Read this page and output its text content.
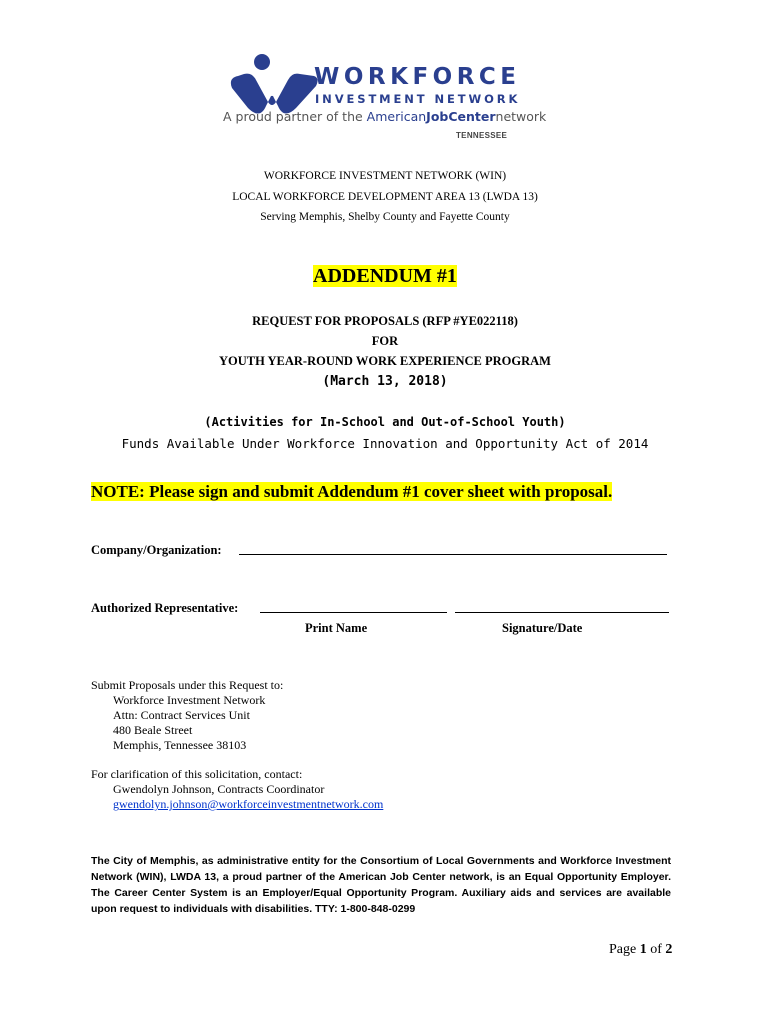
WORKFORCE
INVESTMENT NETWORK
A proud partner of the AmericanJobCenternetwork
TENNESSEE
WORKFORCE INVESTMENT NETWORK (WIN)
LOCAL WORKFORCE DEVELOPMENT AREA 13 (LWDA 13)
Serving Memphis, Shelby County and Fayette County
ADDENDUM #1
REQUEST FOR PROPOSALS (RFP #YE022118)
FOR
YOUTH YEAR-ROUND WORK EXPERIENCE PROGRAM
(March 13, 2018)
(Activities for In-School and Out-of-School Youth)
Funds Available Under Workforce Innovation and Opportunity Act of 2014
NOTE: Please sign and submit Addendum #1 cover sheet with proposal.
Company/Organization:
Authorized Representative:
Print Name	Signature/Date
Submit Proposals under this Request to:
Workforce Investment Network
Attn: Contract Services Unit
480 Beale Street
Memphis, Tennessee 38103
For clarification of this solicitation, contact:
Gwendolyn Johnson, Contracts Coordinator
gwendolyn.johnson@workforceinvestmentnetwork.com
The City of Memphis, as administrative entity for the Consortium of Local Governments and Workforce Investment Network (WIN), LWDA 13, a proud partner of the American Job Center network, is an Equal Opportunity Employer. The Career Center System is an Employer/Equal Opportunity Program. Auxiliary aids and services are available upon request to individuals with disabilities. TTY: 1-800-848-0299
Page 1 of 2
